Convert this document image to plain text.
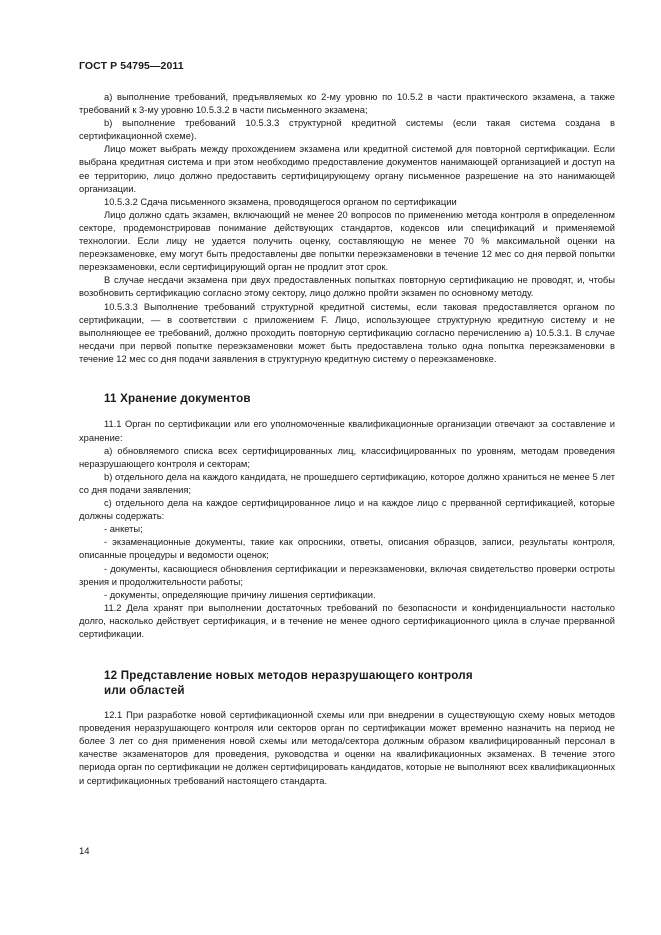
ГОСТ Р 54795—2011

а) выполнение требований, предъявляемых ко 2-му уровню по 10.5.2 в части практического экзамена, а также требований к 3-му уровню 10.5.3.2 в части письменного экзамена;

b) выполнение требований 10.5.3.3 структурной кредитной системы (если такая система создана в сертификационной схеме).

Лицо может выбрать между прохождением экзамена или кредитной системой для повторной сертификации. Если выбрана кредитная система и при этом необходимо предоставление документов нанимающей организацией и доступ на ее территорию, лицо должно предоставить сертифицирующему органу письменное разрешение на это нанимающей организации.

10.5.3.2 Сдача письменного экзамена, проводящегося органом по сертификации

Лицо должно сдать экзамен, включающий не менее 20 вопросов по применению метода контроля в определенном секторе, продемонстрировав понимание действующих стандартов, кодексов или спецификаций и применяемой технологии. Если лицу не удается получить оценку, составляющую не менее 70 % максимальной оценки на переэкзаменовке, ему могут быть предоставлены две попытки переэкзаменовки в течение 12 мес со дня первой попытки переэкзаменовки, если сертифицирующий орган не продлит этот срок.

В случае несдачи экзамена при двух предоставленных попытках повторную сертификацию не проводят, и, чтобы возобновить сертификацию согласно этому сектору, лицо должно пройти экзамен по основному методу.

10.5.3.3 Выполнение требований структурной кредитной системы, если таковая предоставляется органом по сертификации, — в соответствии с приложением F. Лицо, использующее структурную кредитную систему и не выполняющее ее требований, должно проходить повторную сертификацию согласно перечислению а) 10.5.3.1. В случае несдачи при первой попытке переэкзаменовки может быть предоставлена только одна попытка переэкзаменовки в течение 12 мес со дня подачи заявления в структурную кредитную систему о переэкзаменовке.

11 Хранение документов

11.1 Орган по сертификации или его уполномоченные квалификационные организации отвечают за составление и хранение:

а) обновляемого списка всех сертифицированных лиц, классифицированных по уровням, методам проведения неразрушающего контроля и секторам;

b) отдельного дела на каждого кандидата, не прошедшего сертификацию, которое должно храниться не менее 5 лет со дня подачи заявления;

c) отдельного дела на каждое сертифицированное лицо и на каждое лицо с прерванной сертификацией, которые должны содержать:

- анкеты;

- экзаменационные документы, такие как опросники, ответы, описания образцов, записи, результаты контроля, описанные процедуры и ведомости оценок;

- документы, касающиеся обновления сертификации и переэкзаменовки, включая свидетельство проверки остроты зрения и продолжительности работы;

- документы, определяющие причину лишения сертификации.

11.2 Дела хранят при выполнении достаточных требований по безопасности и конфиденциальности настолько долго, насколько действует сертификация, и в течение не менее одного сертификационного цикла в случае прерванной сертификации.

12 Представление новых методов неразрушающего контроля
или областей

12.1 При разработке новой сертификационной схемы или при внедрении в существующую схему новых методов проведения неразрушающего контроля или секторов орган по сертификации может временно назначить на период не более 3 лет со дня применения новой схемы или метода/сектора должным образом квалифицированный персонал в качестве экзаменаторов для проведения, руководства и оценки на квалификационных экзаменах. В течение этого периода орган по сертификации не должен сертифицировать кандидатов, которые не выполняют всех квалификационных и сертификационных требований настоящего стандарта.

14
